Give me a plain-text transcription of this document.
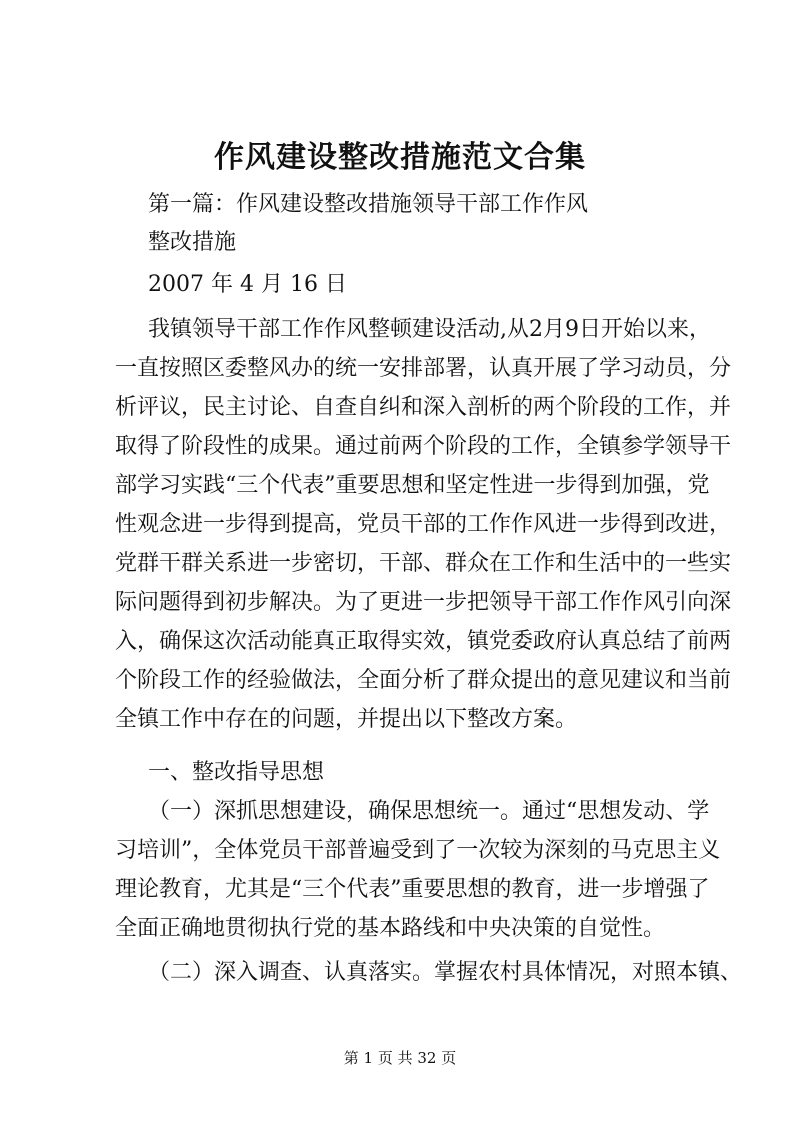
作风建设整改措施范文合集
第一篇：作风建设整改措施领导干部工作作风
整改措施
2007 年 4 月 16 日
我镇领导干部工作作风整顿建设活动,从2月9日开始以来，
一直按照区委整风办的统一安排部署，认真开展了学习动员，分
析评议，民主讨论、自查自纠和深入剖析的两个阶段的工作，并
取得了阶段性的成果。通过前两个阶段的工作，全镇参学领导干
部学习实践“三个代表”重要思想和坚定性进一步得到加强，党
性观念进一步得到提高，党员干部的工作作风进一步得到改进，
党群干群关系进一步密切，干部、群众在工作和生活中的一些实
际问题得到初步解决。为了更进一步把领导干部工作作风引向深
入，确保这次活动能真正取得实效，镇党委政府认真总结了前两
个阶段工作的经验做法，全面分析了群众提出的意见建议和当前
全镇工作中存在的问题，并提出以下整改方案。
一、整改指导思想
（一）深抓思想建设，确保思想统一。通过“思想发动、学
习培训”，全体党员干部普遍受到了一次较为深刻的马克思主义
理论教育，尤其是“三个代表”重要思想的教育，进一步增强了
全面正确地贯彻执行党的基本路线和中央决策的自觉性。
（二）深入调查、认真落实。掌握农村具体情况，对照本镇、
第 1 页 共 32 页
